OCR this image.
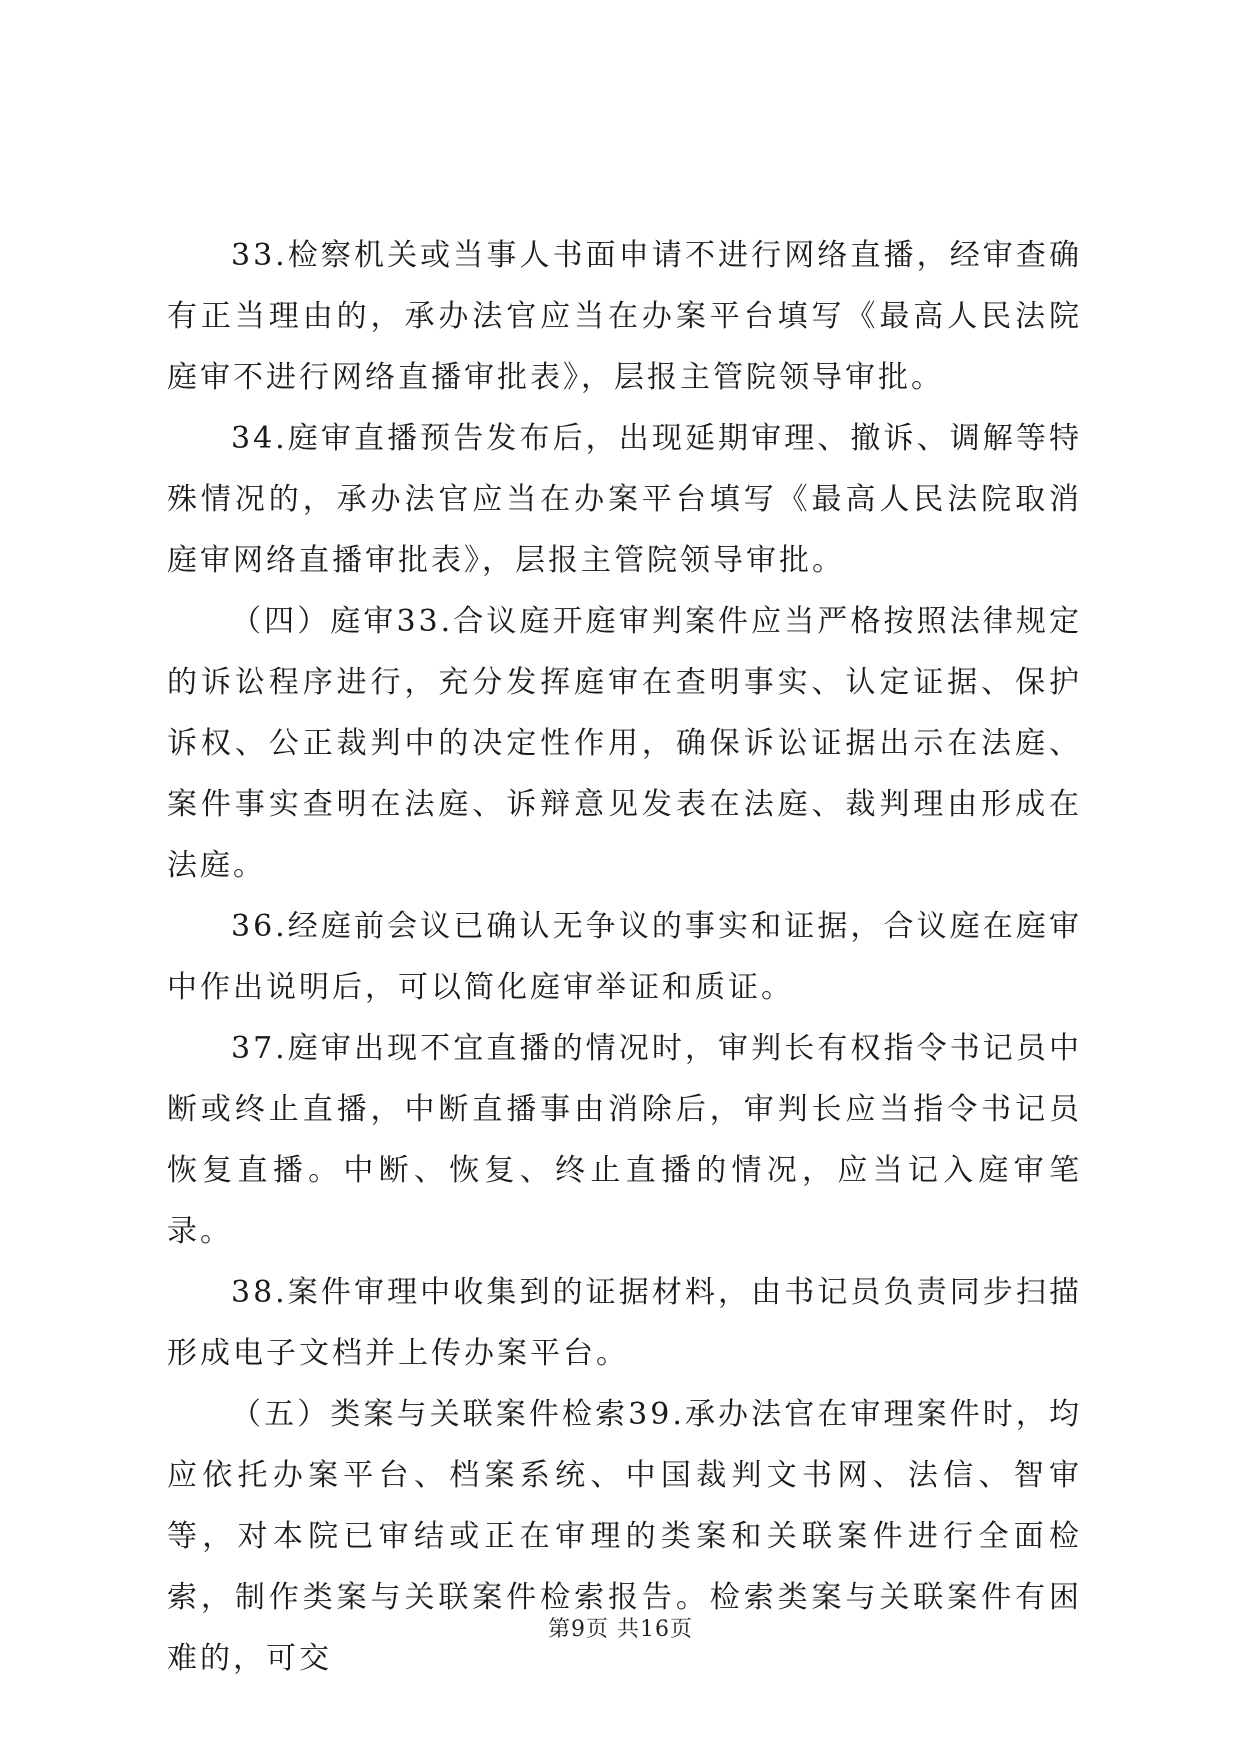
33.检察机关或当事人书面申请不进行网络直播，经审查确有正当理由的，承办法官应当在办案平台填写《最高人民法院庭审不进行网络直播审批表》，层报主管院领导审批。

34.庭审直播预告发布后，出现延期审理、撤诉、调解等特殊情况的，承办法官应当在办案平台填写《最高人民法院取消庭审网络直播审批表》，层报主管院领导审批。

（四）庭审33.合议庭开庭审判案件应当严格按照法律规定的诉讼程序进行，充分发挥庭审在查明事实、认定证据、保护诉权、公正裁判中的决定性作用，确保诉讼证据出示在法庭、案件事实查明在法庭、诉辩意见发表在法庭、裁判理由形成在法庭。

36.经庭前会议已确认无争议的事实和证据，合议庭在庭审中作出说明后，可以简化庭审举证和质证。

37.庭审出现不宜直播的情况时，审判长有权指令书记员中断或终止直播，中断直播事由消除后，审判长应当指令书记员恢复直播。中断、恢复、终止直播的情况，应当记入庭审笔录。

38.案件审理中收集到的证据材料，由书记员负责同步扫描形成电子文档并上传办案平台。

（五）类案与关联案件检索39.承办法官在审理案件时，均应依托办案平台、档案系统、中国裁判文书网、法信、智审等，对本院已审结或正在审理的类案和关联案件进行全面检索，制作类案与关联案件检索报告。检索类案与关联案件有困难的，可交

第9页 共16页
